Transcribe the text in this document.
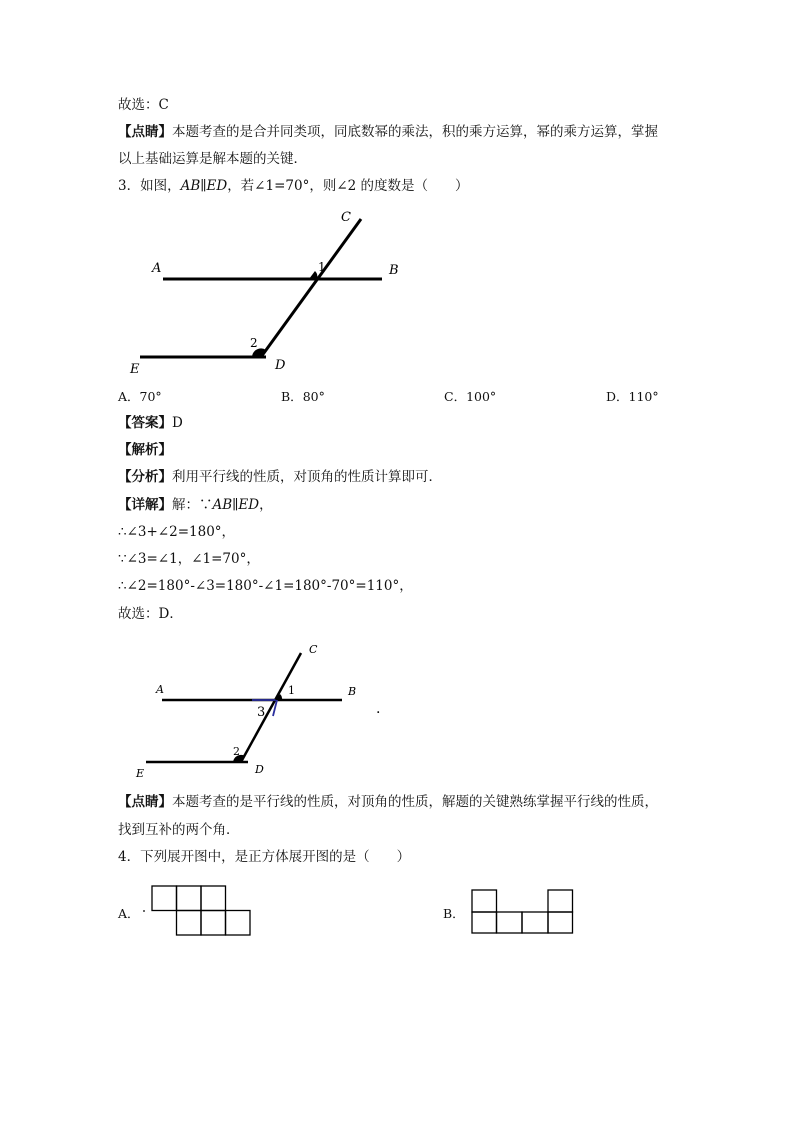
故选：C
【点睛】本题考查的是合并同类项，同底数幂的乘法，积的乘方运算，幂的乘方运算，掌握
以上基础运算是解本题的关键．
3．如图，AB∥ED，若∠1=70°，则∠2 的度数是（　　）
C
A	B
1
2
E	D
A．70°	B．80°	C．100°	D．110°
【答案】D
【解析】
【分析】利用平行线的性质，对顶角的性质计算即可．
【详解】解：∵AB∥ED，
∴∠3+∠2=180°，
∵∠3=∠1，∠1=70°，
∴∠2=180°-∠3=180°-∠1=180°-70°=110°，
故选：D．
C
A	B
1
3
2
E	D
.
【点睛】本题考查的是平行线的性质，对顶角的性质，解题的关键熟练掌握平行线的性质，
找到互补的两个角．
4．下列展开图中，是正方体展开图的是（　　）
A．	B．
